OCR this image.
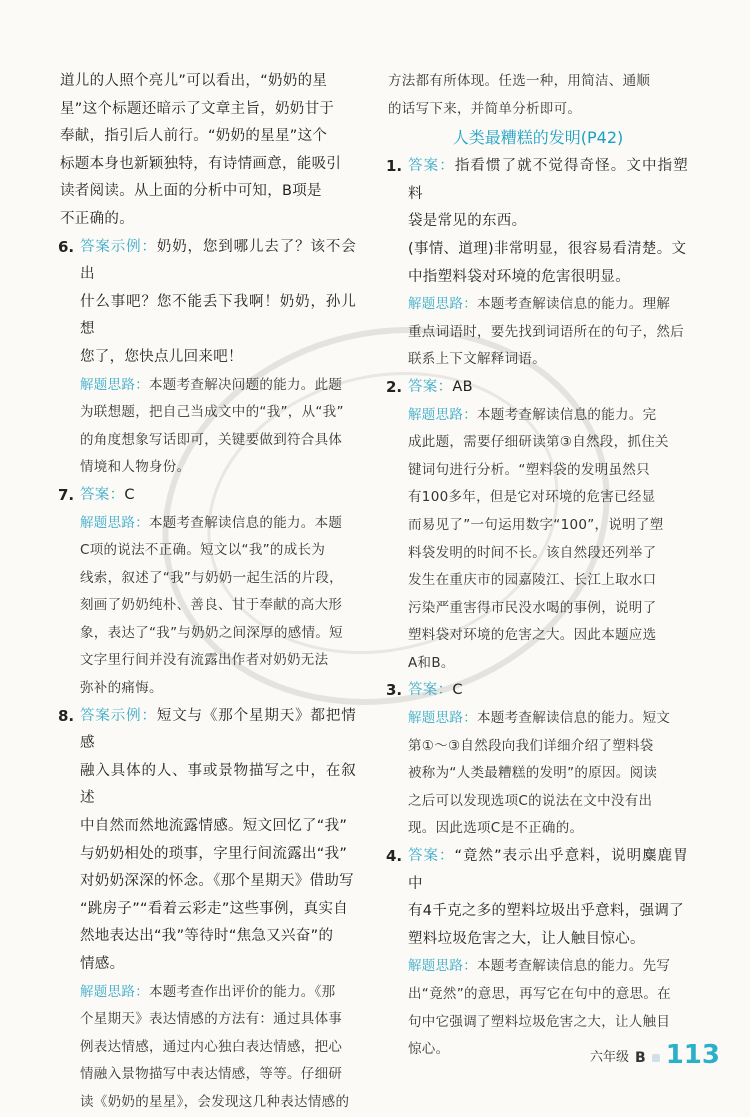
道儿的人照个亮儿”可以看出，“奶奶的星

星”这个标题还暗示了文章主旨，奶奶甘于

奉献，指引后人前行。“奶奶的星星”这个

标题本身也新颖独特，有诗情画意，能吸引

读者阅读。从上面的分析中可知，B项是

不正确的。

6. 答案示例：奶奶，您到哪儿去了？该不会出

什么事吧？您不能丢下我啊！奶奶，孙儿想

您了，您快点儿回来吧！

解题思路：本题考查解决问题的能力。此题

为联想题，把自己当成文中的“我”，从“我”

的角度想象写话即可，关键要做到符合具体

情境和人物身份。

7. 答案：C

解题思路：本题考查解读信息的能力。本题

C项的说法不正确。短文以“我”的成长为

线索，叙述了“我”与奶奶一起生活的片段，

刻画了奶奶纯朴、善良、甘于奉献的高大形

象，表达了“我”与奶奶之间深厚的感情。短

文字里行间并没有流露出作者对奶奶无法

弥补的痛悔。

8. 答案示例：短文与《那个星期天》都把情感

融入具体的人、事或景物描写之中，在叙述

中自然而然地流露情感。短文回忆了“我”

与奶奶相处的琐事，字里行间流露出“我”

对奶奶深深的怀念。《那个星期天》借助写

“跳房子”“看着云彩走”这些事例，真实自

然地表达出“我”等待时“焦急又兴奋”的

情感。

解题思路：本题考查作出评价的能力。《那

个星期天》表达情感的方法有：通过具体事

例表达情感，通过内心独白表达情感，把心

情融入景物描写中表达情感，等等。仔细研

读《奶奶的星星》，会发现这几种表达情感的

方法都有所体现。任选一种，用简洁、通顺

的话写下来，并简单分析即可。

人类最糟糕的发明(P42)

1. 答案：指看惯了就不觉得奇怪。文中指塑料

袋是常见的东西。

(事情、道理)非常明显，很容易看清楚。文

中指塑料袋对环境的危害很明显。

解题思路：本题考查解读信息的能力。理解

重点词语时，要先找到词语所在的句子，然后

联系上下文解释词语。

2. 答案：AB

解题思路：本题考查解读信息的能力。完

成此题，需要仔细研读第③自然段，抓住关

键词句进行分析。“塑料袋的发明虽然只

有100多年，但是它对环境的危害已经显

而易见了”一句运用数字“100”，说明了塑

料袋发明的时间不长。该自然段还列举了

发生在重庆市的园嘉陵江、长江上取水口

污染严重害得市民没水喝的事例，说明了

塑料袋对环境的危害之大。因此本题应选

A和B。

3. 答案：C

解题思路：本题考查解读信息的能力。短文

第①～③自然段向我们详细介绍了塑料袋

被称为“人类最糟糕的发明”的原因。阅读

之后可以发现选项C的说法在文中没有出

现。因此选项C是不正确的。

4. 答案：“竟然”表示出乎意料，说明麋鹿胃中

有4千克之多的塑料垃圾出乎意料，强调了

塑料垃圾危害之大，让人触目惊心。

解题思路：本题考查解读信息的能力。先写

出“竟然”的意思，再写它在句中的意思。在

句中它强调了塑料垃圾危害之大，让人触目

惊心。

六年级 B 113
